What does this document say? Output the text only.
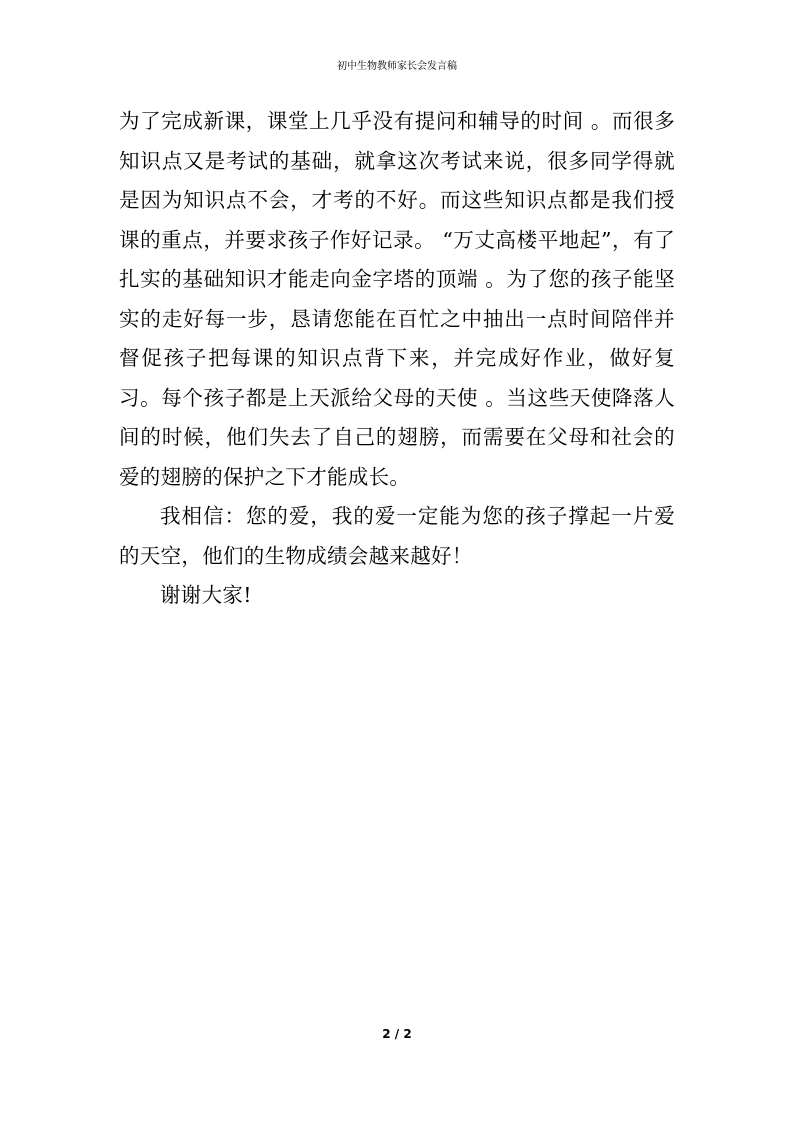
初中生物教师家长会发言稿

为了完成新课，课堂上几乎没有提问和辅导的时间 。而很多知识点又是考试的基础，就拿这次考试来说，很多同学得就是因为知识点不会，才考的不好。而这些知识点都是我们授课的重点，并要求孩子作好记录。 “万丈高楼平地起”，有了扎实的基础知识才能走向金字塔的顶端 。为了您的孩子能坚实的走好每一步，恳请您能在百忙之中抽出一点时间陪伴并督促孩子把每课的知识点背下来，并完成好作业，做好复习。每个孩子都是上天派给父母的天使 。当这些天使降落人间的时候，他们失去了自己的翅膀，而需要在父母和社会的爱的翅膀的保护之下才能成长。

我相信：您的爱，我的爱一定能为您的孩子撑起一片爱的天空，他们的生物成绩会越来越好！

谢谢大家!

2 / 2
